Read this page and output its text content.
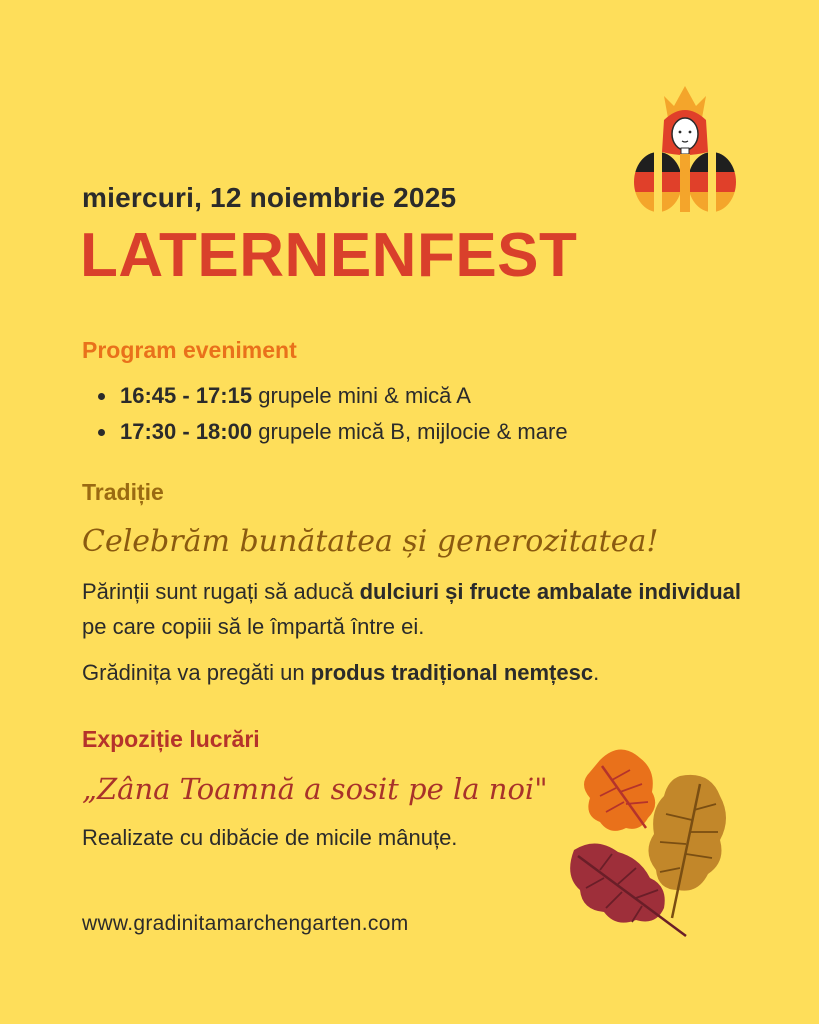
miercuri, 12 noiembrie 2025
LATERNENFEST
Program eveniment
16:45 - 17:15 grupele mini & mică A
17:30 - 18:00 grupele mică B, mijlocie & mare
Tradiție
Celebrăm bunătatea și generozitatea!
Părinții sunt rugați să aducă dulciuri și fructe ambalate individual pe care copiii să le împartă între ei.
Grădinița va pregăti un produs tradițional nemțesc.
Expoziție lucrări
„Zâna Toamnă a sosit pe la noi"
Realizate cu dibăcie de micile mânuțe.
www.gradinitamarchengarten.com
